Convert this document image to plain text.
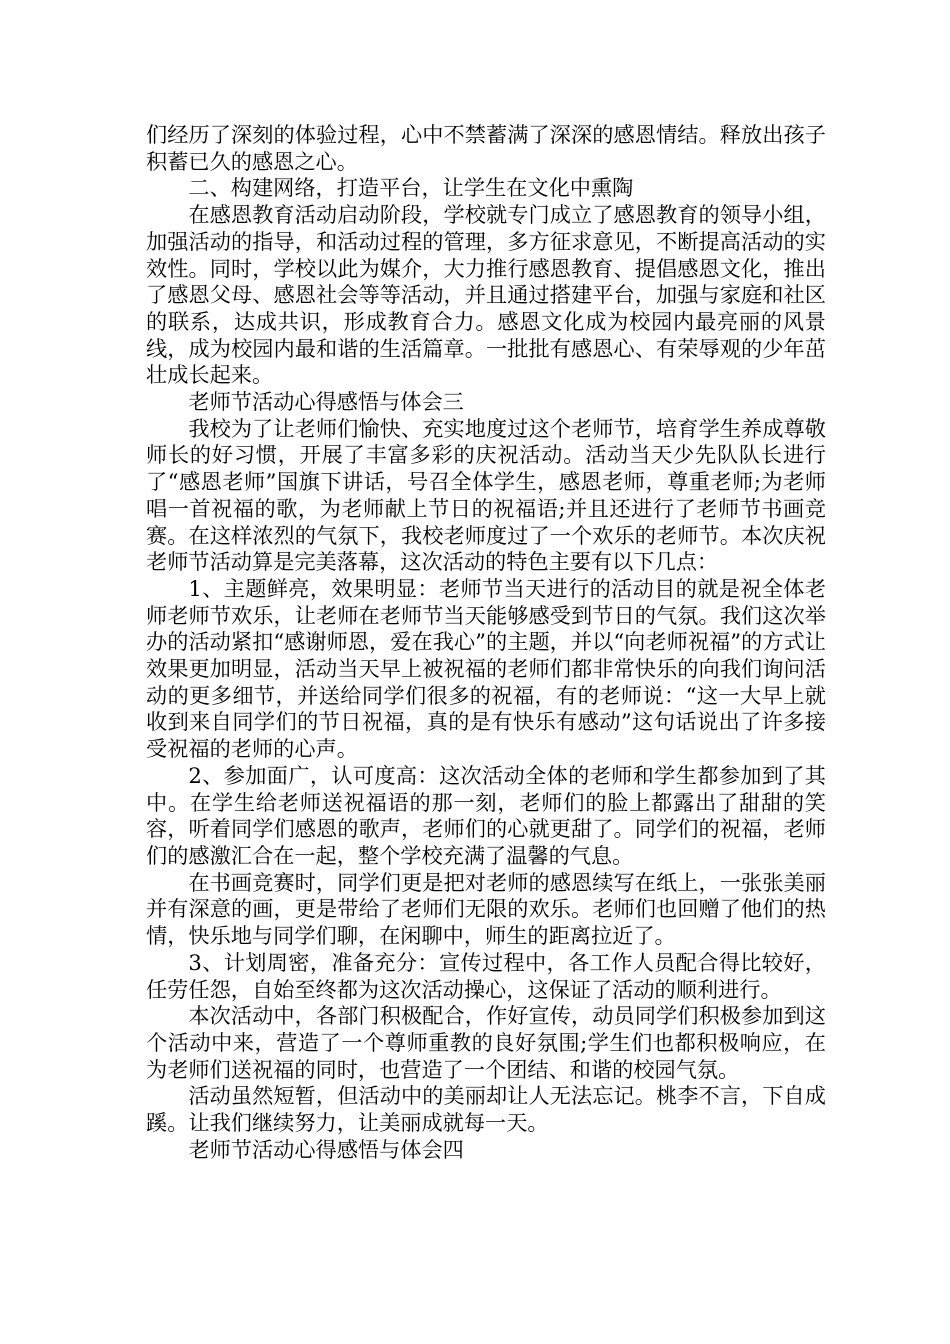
们经历了深刻的体验过程，心中不禁蓄满了深深的感恩情结。释放出孩子积蓄已久的感恩之心。

二、构建网络，打造平台，让学生在文化中熏陶

在感恩教育活动启动阶段，学校就专门成立了感恩教育的领导小组，加强活动的指导，和活动过程的管理，多方征求意见，不断提高活动的实效性。同时，学校以此为媒介，大力推行感恩教育、提倡感恩文化，推出了感恩父母、感恩社会等等活动，并且通过搭建平台，加强与家庭和社区的联系，达成共识，形成教育合力。感恩文化成为校园内最亮丽的风景线，成为校园内最和谐的生活篇章。一批批有感恩心、有荣辱观的少年茁壮成长起来。

老师节活动心得感悟与体会三

我校为了让老师们愉快、充实地度过这个老师节，培育学生养成尊敬师长的好习惯，开展了丰富多彩的庆祝活动。活动当天少先队队长进行了“感恩老师”国旗下讲话，号召全体学生，感恩老师，尊重老师;为老师唱一首祝福的歌，为老师献上节日的祝福语;并且还进行了老师节书画竞赛。在这样浓烈的气氛下，我校老师度过了一个欢乐的老师节。本次庆祝老师节活动算是完美落幕，这次活动的特色主要有以下几点：

1、主题鲜亮，效果明显：老师节当天进行的活动目的就是祝全体老师老师节欢乐，让老师在老师节当天能够感受到节日的气氛。我们这次举办的活动紧扣“感谢师恩，爱在我心”的主题，并以“向老师祝福”的方式让效果更加明显，活动当天早上被祝福的老师们都非常快乐的向我们询问活动的更多细节，并送给同学们很多的祝福，有的老师说：“这一大早上就收到来自同学们的节日祝福，真的是有快乐有感动”这句话说出了许多接受祝福的老师的心声。

2、参加面广，认可度高：这次活动全体的老师和学生都参加到了其中。在学生给老师送祝福语的那一刻，老师们的脸上都露出了甜甜的笑容，听着同学们感恩的歌声，老师们的心就更甜了。同学们的祝福，老师们的感激汇合在一起，整个学校充满了温馨的气息。

在书画竞赛时，同学们更是把对老师的感恩续写在纸上，一张张美丽并有深意的画，更是带给了老师们无限的欢乐。老师们也回赠了他们的热情，快乐地与同学们聊，在闲聊中，师生的距离拉近了。

3、计划周密，准备充分：宣传过程中，各工作人员配合得比较好，任劳任怨，自始至终都为这次活动操心，这保证了活动的顺利进行。

本次活动中，各部门积极配合，作好宣传，动员同学们积极参加到这个活动中来，营造了一个尊师重教的良好氛围;学生们也都积极响应，在为老师们送祝福的同时，也营造了一个团结、和谐的校园气氛。

活动虽然短暂，但活动中的美丽却让人无法忘记。桃李不言，下自成蹊。让我们继续努力，让美丽成就每一天。

老师节活动心得感悟与体会四
